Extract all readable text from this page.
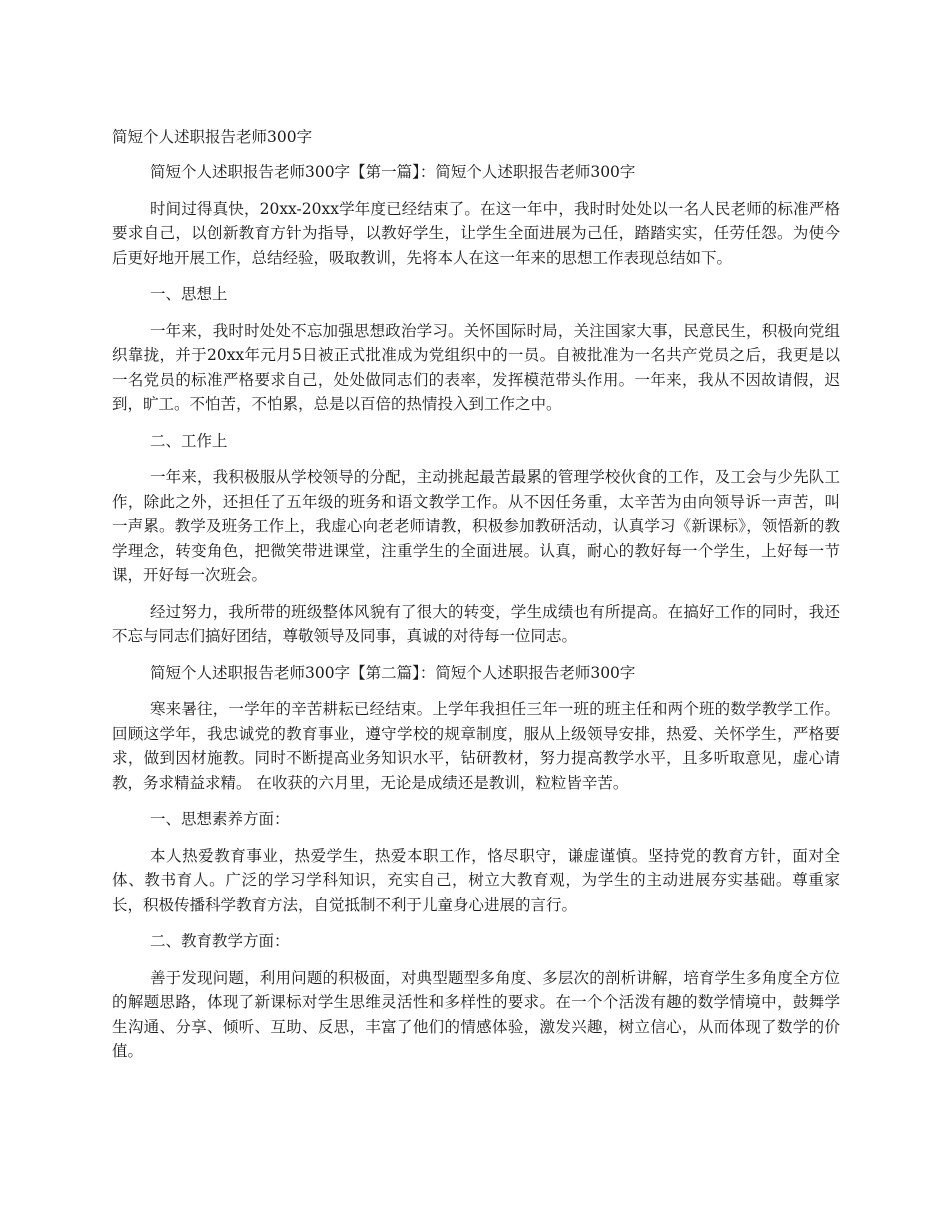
简短个人述职报告老师300字
简短个人述职报告老师300字【第一篇】：简短个人述职报告老师300字
时间过得真快，20xx-20xx学年度已经结束了。在这一年中，我时时处处以一名人民老师的标准严格要求自己，以创新教育方针为指导，以教好学生，让学生全面进展为己任，踏踏实实，任劳任怨。为使今后更好地开展工作，总结经验，吸取教训，先将本人在这一年来的思想工作表现总结如下。
一、思想上
一年来，我时时处处不忘加强思想政治学习。关怀国际时局，关注国家大事，民意民生，积极向党组织靠拢，并于20xx年元月5日被正式批准成为党组织中的一员。自被批准为一名共产党员之后，我更是以一名党员的标准严格要求自己，处处做同志们的表率，发挥模范带头作用。一年来，我从不因故请假，迟到，旷工。不怕苦，不怕累，总是以百倍的热情投入到工作之中。
二、工作上
一年来，我积极服从学校领导的分配，主动挑起最苦最累的管理学校伙食的工作，及工会与少先队工作，除此之外，还担任了五年级的班务和语文教学工作。从不因任务重，太辛苦为由向领导诉一声苦，叫一声累。教学及班务工作上，我虚心向老老师请教，积极参加教研活动，认真学习《新课标》，领悟新的教学理念，转变角色，把微笑带进课堂，注重学生的全面进展。认真，耐心的教好每一个学生，上好每一节课，开好每一次班会。
经过努力，我所带的班级整体风貌有了很大的转变，学生成绩也有所提高。在搞好工作的同时，我还不忘与同志们搞好团结，尊敬领导及同事，真诚的对待每一位同志。
简短个人述职报告老师300字【第二篇】：简短个人述职报告老师300字
寒来暑往，一学年的辛苦耕耘已经结束。上学年我担任三年一班的班主任和两个班的数学教学工作。回顾这学年，我忠诚党的教育事业，遵守学校的规章制度，服从上级领导安排，热爱、关怀学生，严格要求，做到因材施教。同时不断提高业务知识水平，钻研教材，努力提高教学水平，且多听取意见，虚心请教，务求精益求精。 在收获的六月里，无论是成绩还是教训，粒粒皆辛苦。
一、思想素养方面：
本人热爱教育事业，热爱学生，热爱本职工作，恪尽职守，谦虚谨慎。坚持党的教育方针，面对全体、教书育人。广泛的学习学科知识，充实自己，树立大教育观，为学生的主动进展夯实基础。尊重家长，积极传播科学教育方法，自觉抵制不利于儿童身心进展的言行。
二、教育教学方面：
善于发现问题，利用问题的积极面，对典型题型多角度、多层次的剖析讲解，培育学生多角度全方位的解题思路，体现了新课标对学生思维灵活性和多样性的要求。在一个个活泼有趣的数学情境中，鼓舞学生沟通、分享、倾听、互助、反思，丰富了他们的情感体验，激发兴趣，树立信心，从而体现了数学的价值。
